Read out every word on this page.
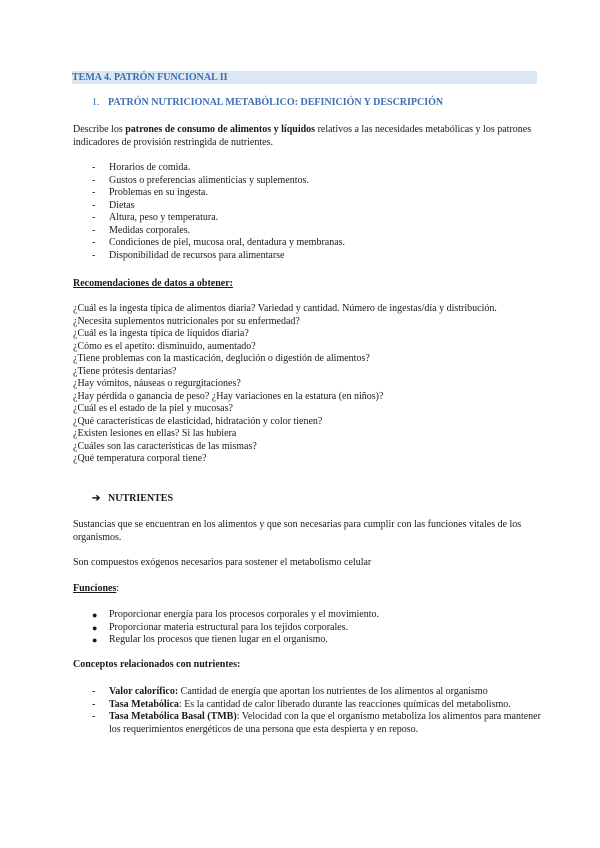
TEMA 4. PATRÓN FUNCIONAL II
1. PATRÓN NUTRICIONAL METABÓLICO: DEFINICIÓN Y DESCRIPCIÓN
Describe los patrones de consumo de alimentos y líquidos relativos a las necesidades metabólicas y los patrones indicadores de provisión restringida de nutrientes.
-	Horarios de comida.
-	Gustos o preferencias alimenticias y suplementos.
-	Problemas en su ingesta.
-	Dietas
-	Altura, peso y temperatura.
-	Medidas corporales.
-	Condiciones de piel, mucosa oral, dentadura y membranas.
-	Disponibilidad de recursos para alimentarse
Recomendaciones de datos a obtener:
¿Cuál es la ingesta típica de alimentos diaria? Variedad y cantidad. Número de ingestas/día y distribución.
¿Necesita suplementos nutricionales por su enfermedad?
¿Cuál es la ingesta típica de líquidos diaria?
¿Cómo es el apetito: disminuido, aumentado?
¿Tiene problemas con la masticación, deglución o digestión de alimentos?
¿Tiene prótesis dentarias?
¿Hay vómitos, náuseas o regurgitaciones?
¿Hay pérdida o ganancia de peso? ¿Hay variaciones en la estatura (en niños)?
¿Cuál es el estado de la piel y mucosas?
¿Qué características de elasticidad, hidratación y color tienen?
¿Existen lesiones en ellas? Si las hubiera
¿Cuáles son las características de las mismas?
¿Qué temperatura corporal tiene?
➔ NUTRIENTES
Sustancias que se encuentran en los alimentos y que son necesarias para cumplir con las funciones vitales de los organismos.
Son compuestos exógenos necesarios para sostener el metabolismo celular
Funciones:
●	Proporcionar energía para los procesos corporales y el movimiento.
●	Proporcionar materia estructural para los tejidos corporales.
●	Regular los procesos que tienen lugar en el organismo.
Conceptos relacionados con nutrientes:
- Valor calorífico: Cantidad de energía que aportan los nutrientes de los alimentos al organismo
- Tasa Metabólica: Es la cantidad de calor liberado durante las reacciones químicas del metabolismo.
- Tasa Metabólica Basal (TMB): Velocidad con la que el organismo metaboliza los alimentos para mantener los requerimientos energéticos de una persona que esta despierta y en reposo.
